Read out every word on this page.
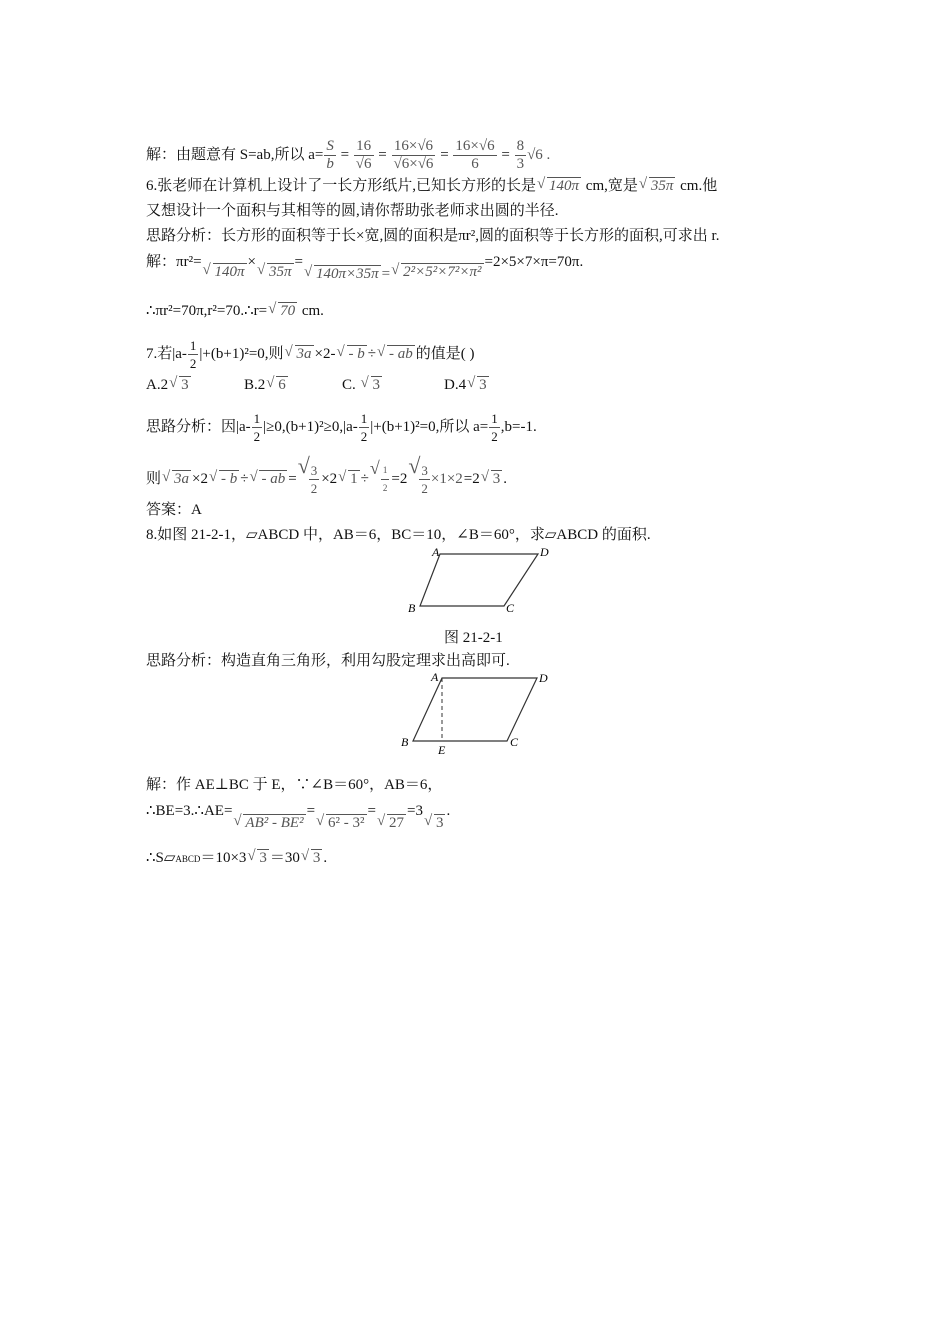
解：由题意有 S=ab,所以 $a= \frac{S}{b} = \frac{16}{√6} = \frac{16\times√6}{√6\times√6} = \frac{16\times√6}{6} = \frac{8}{3} √6$ .
6.张老师在计算机上设计了一长方形纸片,已知长方形的长是 √ 140π cm,宽是 √ 35π cm.他
又想设计一个面积与其相等的圆,请你帮助张老师求出圆的半径.
思路分析：长方形的面积等于长×宽,圆的面积是πr²,圆的面积等于长方形的面积,可求出 r.
解：πr²= √ 140π× √ 35π=
√ 140π×35π = √ 2²×5²×7²×π²=2×5×7×π=70π.
∴πr²=70π,r²=70.∴r= √ 70 cm.
7.若$|a- \frac{1}{2} |+(b+1)^2=0$,则 √ 3a ×2- √ - b ÷ √ - ab 的值是( )
A.2 √ 3	B.2 √ 6	C. √ 3	D.4 √ 3
思路分析：因$|a- \frac{1}{2} |\ge 0,(b+1)^2\ge 0,|a- \frac{1}{2} |+(b+1)^2=0$,所以 $a= \frac{1}{2} ,b=-1$.
则 √ 3a ×2 √ - b ÷ √ - ab =
√
$\frac{3}{2} \times 2$ √ 1 ÷
√ $\frac{1}{2} =2$
√
$\frac{3}{2} \times 1\times 2=2$ √ 3 .
答案：A
8.如图 21-2-1，▱ABCD 中，AB＝6，BC＝10，∠B＝60°，求▱ABCD 的面积.
A	D
B	C
图 21-2-1
思路分析：构造直角三角形，利用勾股定理求出高即可.
A	D
B
E
C
解：作 AE⊥BC 于 E，∵∠B＝60°，AB＝6，
∴BE=3.∴AE=
√ AB² - BE²=
√ 6² - 3²=
√ 27=3
√ 3.
∴S▱ABCD＝10×3 √ 3 ＝30 √ 3 .
